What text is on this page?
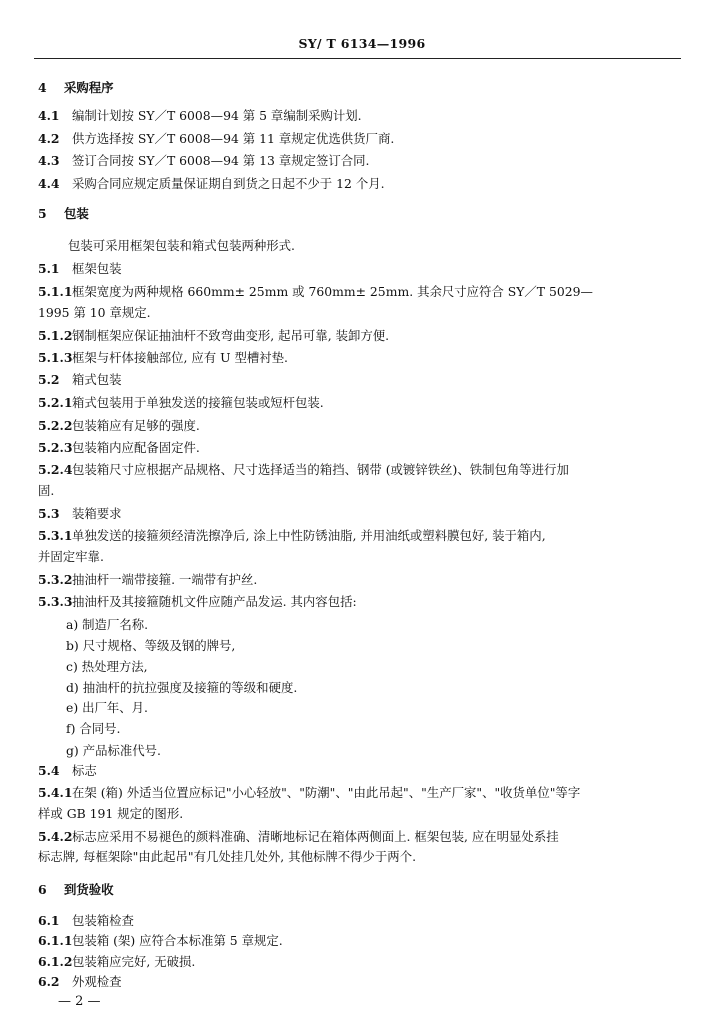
SY/ T 6134—1996
4 采购程序
4.1 编制计划按 SY／T 6008—94 第 5 章编制采购计划.
4.2 供方选择按 SY／T 6008—94 第 11 章规定优选供货厂商.
4.3 签订合同按 SY／T 6008—94 第 13 章规定签订合同.
4.4 采购合同应规定质量保证期自到货之日起不少于 12 个月.
5 包装
包装可采用框架包装和箱式包装两种形式.
5.1 框架包装
5.1.1框架宽度为两种规格 660mm± 25mm 或 760mm± 25mm. 其余尺寸应符合 SY／T 5029—
1995 第 10 章规定.
5.1.2钢制框架应保证抽油杆不致弯曲变形, 起吊可靠, 装卸方便.
5.1.3框架与杆体接触部位, 应有 U 型槽衬垫.
5.2 箱式包装
5.2.1箱式包装用于单独发送的接箍包装或短杆包装.
5.2.2包装箱应有足够的强度.
5.2.3包装箱内应配备固定件.
5.2.4包装箱尺寸应根据产品规格、尺寸选择适当的箱挡、钢带 (或镀锌铁丝)、铁制包角等进行加
固.
5.3 装箱要求
5.3.1单独发送的接箍须经清洗擦净后, 涂上中性防锈油脂, 并用油纸或塑料膜包好, 装于箱内,
并固定牢靠.
5.3.2抽油杆一端带接箍. 一端带有护丝.
5.3.3抽油杆及其接箍随机文件应随产品发运. 其内容包括:
a) 制造厂名称.
b) 尺寸规格、等级及钢的牌号,
c) 热处理方法,
d) 抽油杆的抗拉强度及接箍的等级和硬度.
e) 出厂年、月.
f) 合同号.
g) 产品标准代号.
5.4 标志
5.4.1在架 (箱) 外适当位置应标记"小心轻放"、"防潮"、"由此吊起"、"生产厂家"、"收货单位"等字
样或 GB 191 规定的图形.
5.4.2标志应采用不易褪色的颜料准确、清晰地标记在箱体两侧面上. 框架包装, 应在明显处系挂
标志牌, 每框架除"由此起吊"有几处挂几处外, 其他标牌不得少于两个.
6 到货验收
6.1 包装箱检查
6.1.1包装箱 (架) 应符合本标准第 5 章规定.
6.1.2包装箱应完好, 无破损.
6.2 外观检查
— 2 —
